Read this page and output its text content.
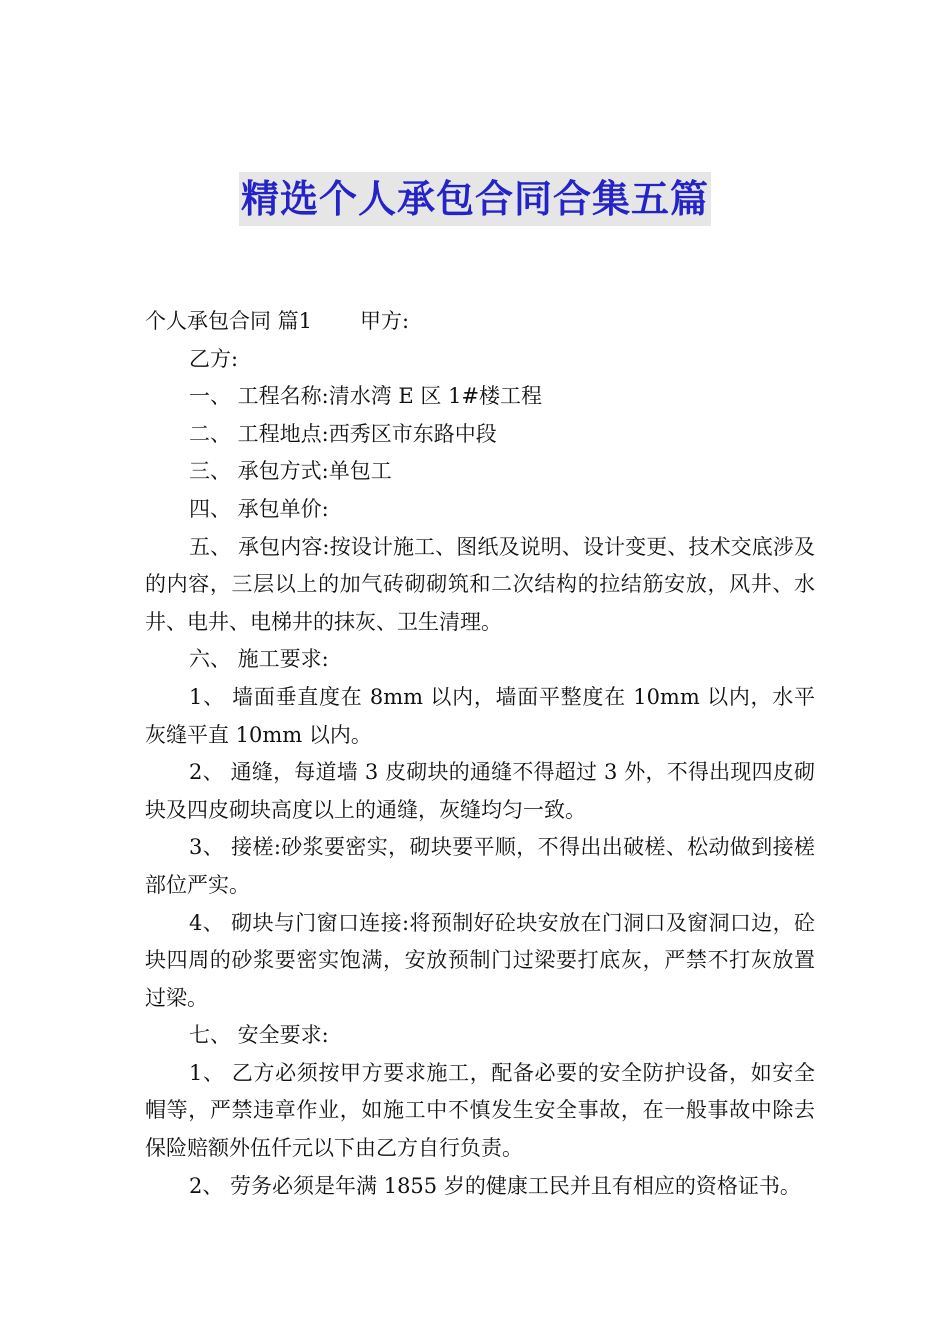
精选个人承包合同合集五篇

个人承包合同 篇1 甲方:

乙方:

一、 工程名称:清水湾 E 区 1#楼工程

二、 工程地点:西秀区市东路中段

三、 承包方式:单包工

四、 承包单价:

五、 承包内容:按设计施工、图纸及说明、设计变更、技术交底涉及的内容，三层以上的加气砖砌砌筑和二次结构的拉结筋安放，风井、水井、电井、电梯井的抹灰、卫生清理。

六、 施工要求:

1、 墙面垂直度在 8mm 以内，墙面平整度在 10mm 以内，水平灰缝平直 10mm 以内。

2、 通缝，每道墙 3 皮砌块的通缝不得超过 3 外，不得出现四皮砌块及四皮砌块高度以上的通缝，灰缝均匀一致。

3、 接槎:砂浆要密实，砌块要平顺，不得出出破槎、松动做到接槎部位严实。

4、 砌块与门窗口连接:将预制好砼块安放在门洞口及窗洞口边，砼块四周的砂浆要密实饱满，安放预制门过梁要打底灰，严禁不打灰放置过梁。

七、 安全要求:

1、 乙方必须按甲方要求施工，配备必要的安全防护设备，如安全帽等，严禁违章作业，如施工中不慎发生安全事故，在一般事故中除去保险赔额外伍仟元以下由乙方自行负责。

2、 劳务必须是年满 1855 岁的健康工民并且有相应的资格证书。
